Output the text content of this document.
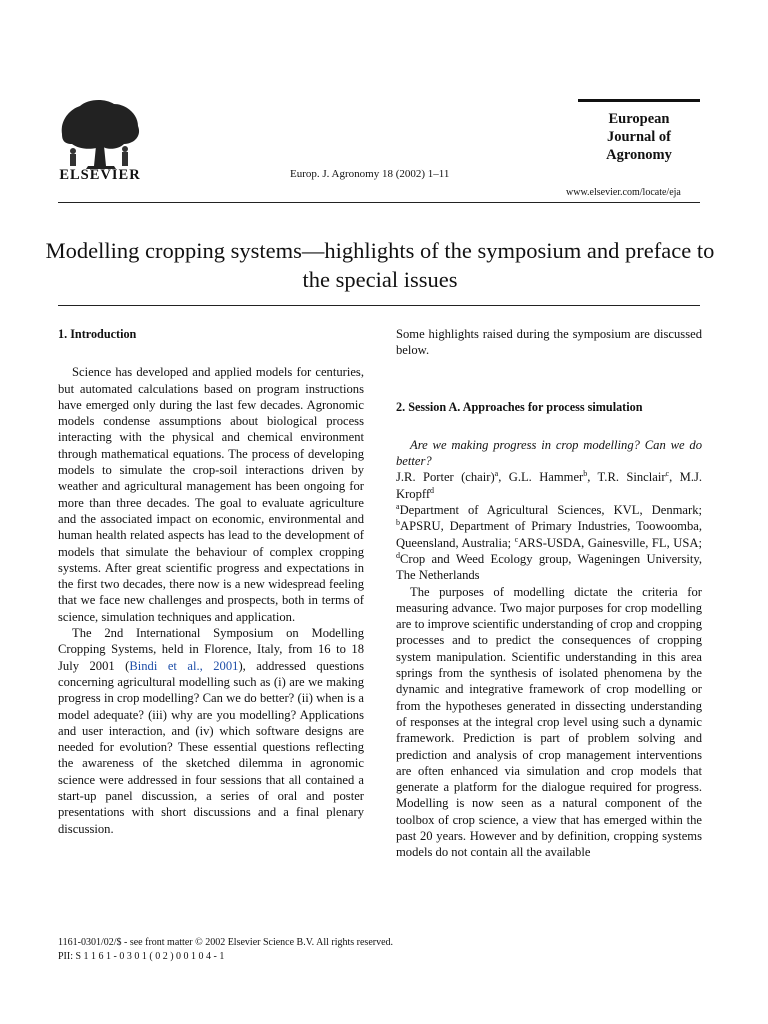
ELSEVIER	Europ. J. Agronomy 18 (2002) 1–11
European
Journal of
Agronomy
www.elsevier.com/locate/eja
Modelling cropping systems—highlights of the symposium and preface to the special issues

1. Introduction

Science has developed and applied models for centuries, but automated calculations based on program instructions have emerged only during the last few decades. Agronomic models condense assumptions about biological process interacting with the physical and chemical environment through mathematical equations. The process of developing models to simulate the crop-soil interactions driven by weather and agricultural management has been ongoing for more than three decades. The goal to evaluate agriculture and the associated impact on economic, environmental and human health related aspects has lead to the development of models that simulate the behaviour of complex cropping systems. After great scientific progress and expectations in the first two decades, there now is a new widespread feeling that we face new challenges and prospects, both in terms of science, simulation techniques and application.

The 2nd International Symposium on Modelling Cropping Systems, held in Florence, Italy, from 16 to 18 July 2001 (Bindi et al., 2001), addressed questions concerning agricultural modelling such as (i) are we making progress in crop modelling? Can we do better? (ii) when is a model adequate? (iii) why are you modelling? Applications and user interaction, and (iv) which software designs are needed for evolution? These essential questions reflecting the awareness of the sketched dilemma in agronomic science were addressed in four sessions that all contained a start-up panel discussion, a series of oral and poster presentations with short discussions and a final plenary discussion.

Some highlights raised during the symposium are discussed below.

2. Session A. Approaches for process simulation

Are we making progress in crop modelling? Can we do better?

J.R. Porter (chair)$^a$, G.L. Hammer$^b$, T.R. Sinclair$^c$, M.J. Kropff$^d$

$^a$Department of Agricultural Sciences, KVL, Denmark; $^b$APSRU, Department of Primary Industries, Toowoomba, Queensland, Australia; $^c$ARS-USDA, Gainesville, FL, USA; $^d$Crop and Weed Ecology group, Wageningen University, The Netherlands

The purposes of modelling dictate the criteria for measuring advance. Two major purposes for crop modelling are to improve scientific understanding of crop and cropping processes and to predict the consequences of cropping system manipulation. Scientific understanding in this area springs from the synthesis of isolated phenomena by the dynamic and integrative framework of crop modelling or from the hypotheses generated in dissecting understanding of responses at the integral crop level using such a dynamic framework. Prediction is part of problem solving and prediction and analysis of crop management interventions are often enhanced via simulation and crop models that generate a platform for the dialogue required for progress. Modelling is now seen as a natural component of the toolbox of crop science, a view that has emerged within the past 20 years. However and by definition, cropping systems models do not contain all the available

1161-0301/02/$ - see front matter © 2002 Elsevier Science B.V. All rights reserved.
PII: S 1 1 6 1 - 0 3 0 1 ( 0 2 ) 0 0 1 0 4 - 1
